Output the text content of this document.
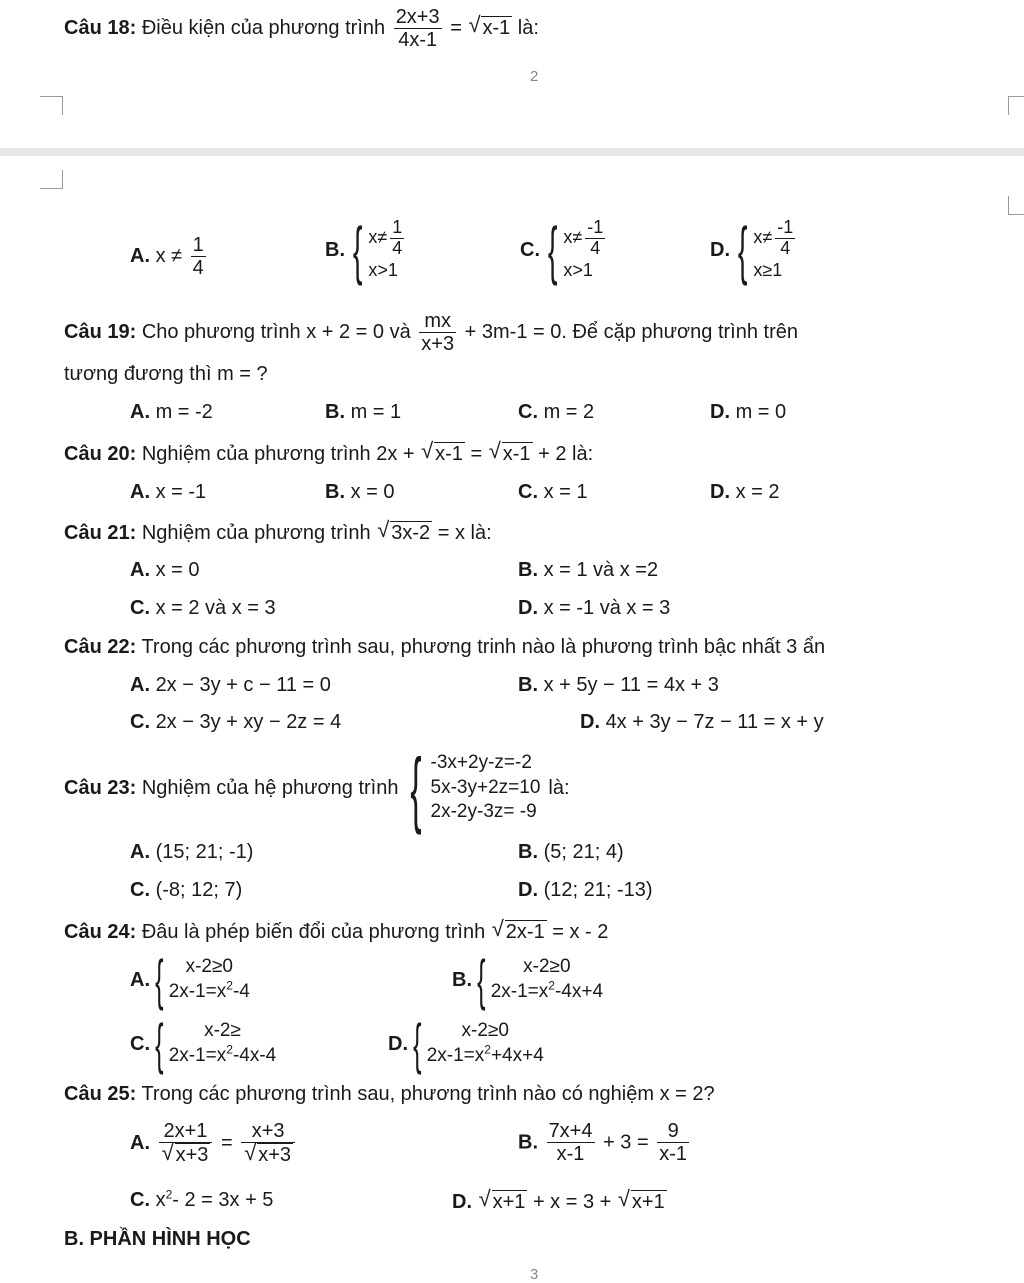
Câu 18: Điều kiện của phương trình $\frac{2x+3}{4x-1}$ = √ x-1 là:
2
A. $x \ne \frac{1}{4}$	B. { $x\ne \frac{1}{4}$
x>1
C. { $x\ne \frac{-1}{4}$
x>1
D. { $x\ne \frac{-1}{4}$
x≥1
Câu 19: Cho phương trình x + 2 = 0 và $\frac{mx}{x+3} + 3m-1 = 0$. Để cặp phương trình trên
tương đương thì m = ?
A. m = -2	B. m = 1	C. m = 2	D. m = 0
Câu 20: Nghiệm của phương trình 2x + √ x-1 = √ x-1 + 2 là:
A. x = -1	B. x = 0	C. x = 1	D. x = 2
Câu 21: Nghiệm của phương trình √ 3x-2 = x là:
A. x = 0	B. x = 1 và x =2
C. x = 2 và x = 3	D. x = -1 và x = 3
Câu 22: Trong các phương trình sau, phương trinh nào là phương trình bậc nhất 3 ẩn
A. 2x − 3y + c − 11 = 0	B. x + 5y − 11 = 4x + 3
C. 2x − 3y + xy − 2z = 4	D. 4x + 3y − 7z − 11 = x + y
Câu 23: Nghiệm của hệ phương trình { -3x+2y-z=-2
5x-3y+2z=10
2x-2y-3z= -9
là:
A. (15; 21; -1)	B. (5; 21; 4)
C. (-8; 12; 7)	D. (12; 21; -13)
Câu 24: Đâu là phép biến đổi của phương trình √ 2x-1 = x - 2
A. { x-2≥0
$2x-1=x^2-4$
B. { x-2≥0
$2x-1=x^2-4x+4$
C. { x-2≥
$2x-1=x^2-4x-4$
D. { x-2≥0
$2x-1=x^2+4x+4$
Câu 25: Trong các phương trình sau, phương trình nào có nghiệm x = 2?
A. 2x+1
√ x+3 = x+3
√ x+3	B. $\frac{7x+4}{x-1} + 3 = \frac{9}{x-1}$
C. $x^2-$ 2 = 3x + 5	D. √ x+1 + x = 3 + √ x+1
B. PHẦN HÌNH HỌC
3
